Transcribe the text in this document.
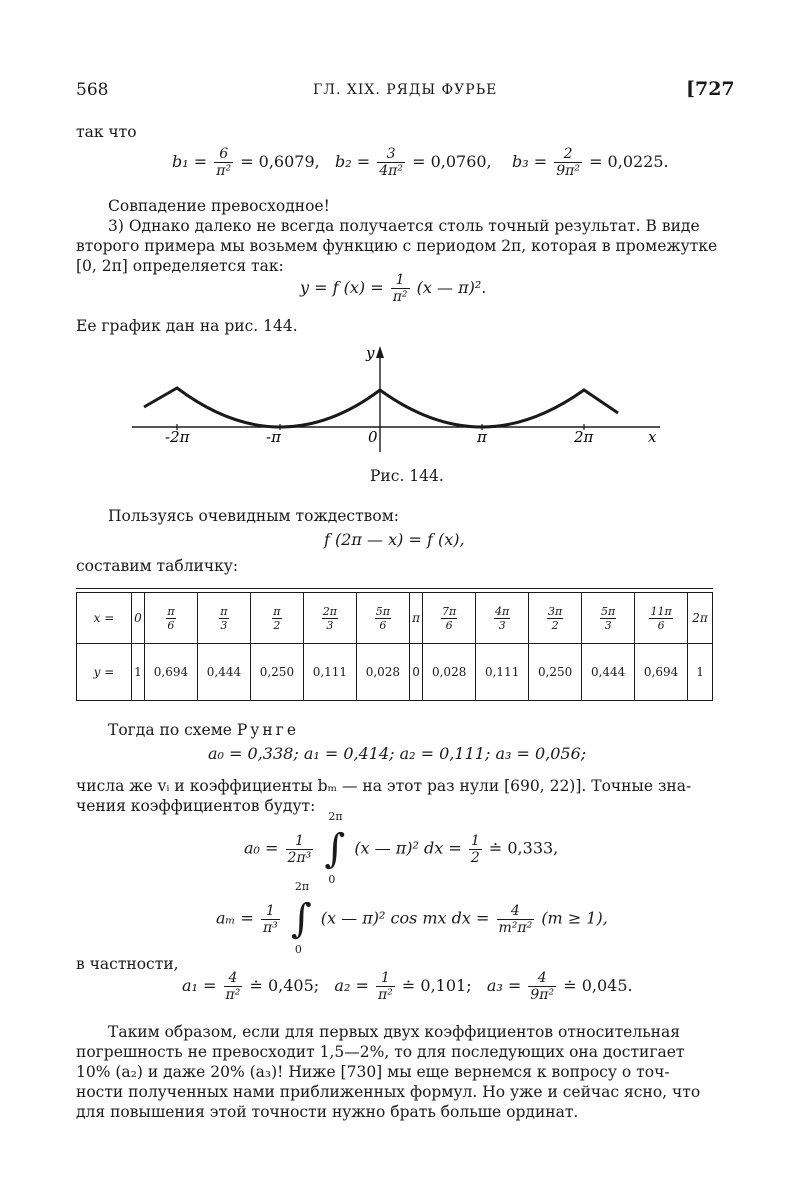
568	ГЛ. XIX. РЯДЫ ФУРЬЕ	[727
так что
$b_1 = \frac{6}{\text{π²}} = 0,6079$, $b_2 = \frac{3}{\text{4π²}} = 0,0760$, $b_3 = \frac{2}{\text{9π²}} = 0,0225$.
Совпадение превосходное!
3) Однако далеко не всегда получается столь точный результат. В виде
второго примера мы возьмем функцию с периодом 2π, которая в промежутке
[0, 2π] определяется так:
y = f $(x) = \frac{1}{\text{π²}} (x$ — π)².
Ее график дан на рис. 144.
y
x
-2π	-π	0	π	2π
Рис. 144.
Пользуясь очевидным тождеством:
f (2π — x) = f (x),
составим табличку:
x =	0	$\frac{\pi}{6}$	$\frac{\pi}{3}$	$\frac{\pi}{2}$	$\frac{2\pi}{3}$	$\frac{5\pi}{6}$	π	$\frac{7\pi}{6}$	$\frac{4\pi}{3}$	$\frac{3\pi}{2}$	$\frac{5\pi}{3}$	$\frac{11\pi}{6}$	2π
y =	1	0,694	0,444	0,250	0,111	0,028	0	0,028	0,111	0,250	0,444	0,694	1
Тогда по схеме Рунге
a₀ = 0,338; a₁ = 0,414; a₂ = 0,111; a₃ = 0,056;
числа же vᵢ и коэффициенты bₘ — на этот раз нули [690, 22)]. Точные зна-
чения коэффициентов будут:
$a_0 = \frac{1}{\text{2π³}}$ ∫
2π
0
(x — π)² dx = $\frac{1}{2}$ ≐ 0,333,
$a_m = \frac{1}{\text{π³}}$ ∫
2π
0
(x — π)² cos mx dx = $\frac{4}{\text{m²π²}} (m \ge 1)$,
в частности,
$a_1 = \frac{4}{\text{π²}}$ ≐ 0,405; $a_2 = \frac{1}{\text{π²}}$ ≐ 0,101; $a_3 = \frac{4}{\text{9π²}}$ ≐ 0,045.
Таким образом, если для первых двух коэффициентов относительная
погрешность не превосходит 1,5—2%, то для последующих она достигает
10% (a₂) и даже 20% (a₃)! Ниже [730] мы еще вернемся к вопросу о точ-
ности полученных нами приближенных формул. Но уже и сейчас ясно, что
для повышения этой точности нужно брать больше ординат.
